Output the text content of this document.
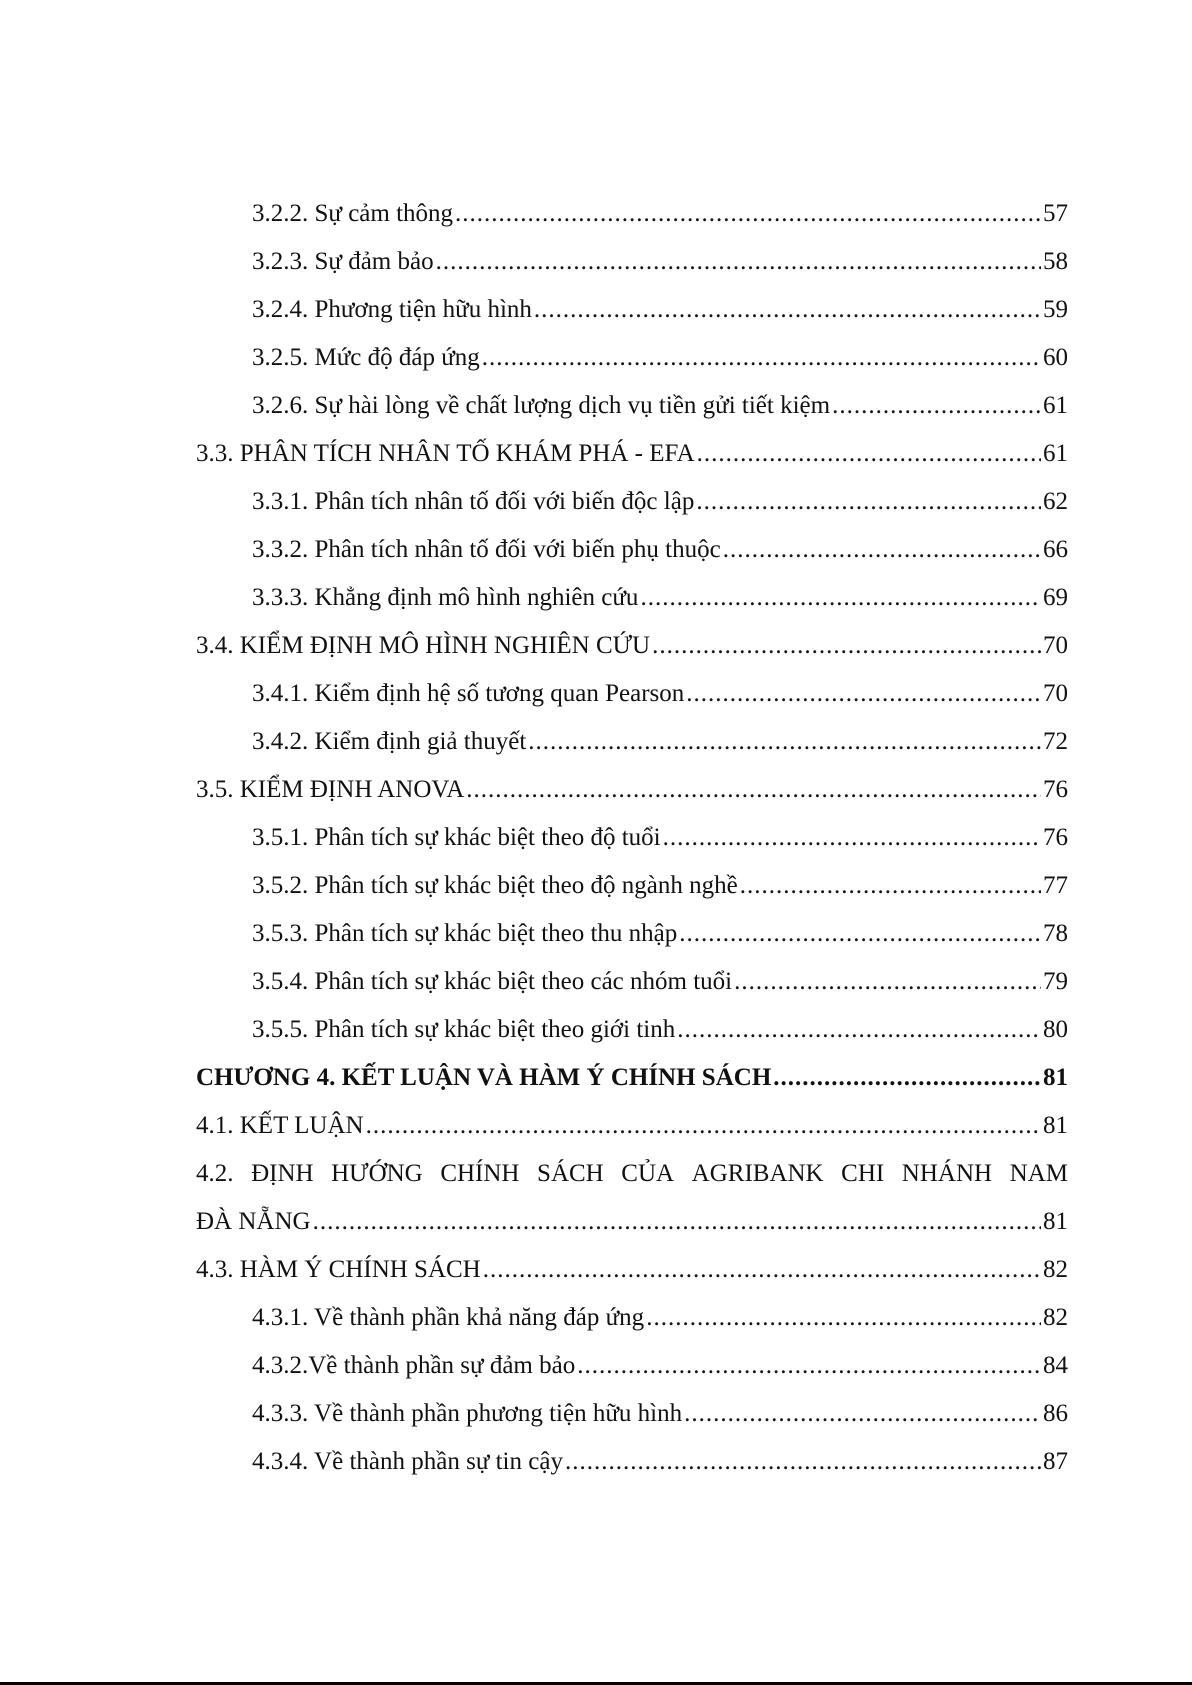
3.2.2. Sự cảm thông .....	57
3.2.3. Sự đảm bảo .....	58
3.2.4. Phương tiện hữu hình .....	59
3.2.5. Mức độ đáp ứng .....	60
3.2.6. Sự hài lòng về chất lượng dịch vụ tiền gửi tiết kiệm .....	61
3.3. PHÂN TÍCH NHÂN TỐ KHÁM PHÁ - EFA .....	61
3.3.1. Phân tích nhân tố đối với biến độc lập .....	62
3.3.2. Phân tích nhân tố đối với biến phụ thuộc .....	66
3.3.3. Khẳng định mô hình nghiên cứu .....	69
3.4. KIỂM ĐỊNH MÔ HÌNH NGHIÊN CỨU .....	70
3.4.1. Kiểm định hệ số tương quan Pearson .....	70
3.4.2. Kiểm định giả thuyết .....	72
3.5. KIỂM ĐỊNH ANOVA .....	76
3.5.1. Phân tích sự khác biệt theo độ tuổi .....	76
3.5.2. Phân tích sự khác biệt theo độ ngành nghề .....	77
3.5.3. Phân tích sự khác biệt theo thu nhập .....	78
3.5.4. Phân tích sự khác biệt theo các nhóm tuổi .....	79
3.5.5. Phân tích sự khác biệt theo giới tinh .....	80
CHƯƠNG 4. KẾT LUẬN VÀ HÀM Ý CHÍNH SÁCH .....	81
4.1. KẾT LUẬN .....	81
4.2. ĐỊNH HƯỚNG CHÍNH SÁCH CỦA AGRIBANK CHI NHÁNH NAM
ĐÀ NẴNG .....	81
4.3. HÀM Ý CHÍNH SÁCH .....	82
4.3.1. Về thành phần khả năng đáp ứng .....	82
4.3.2.Về thành phần sự đảm bảo .....	84
4.3.3. Về thành phần phương tiện hữu hình .....	86
4.3.4. Về thành phần sự tin cậy .....	87
